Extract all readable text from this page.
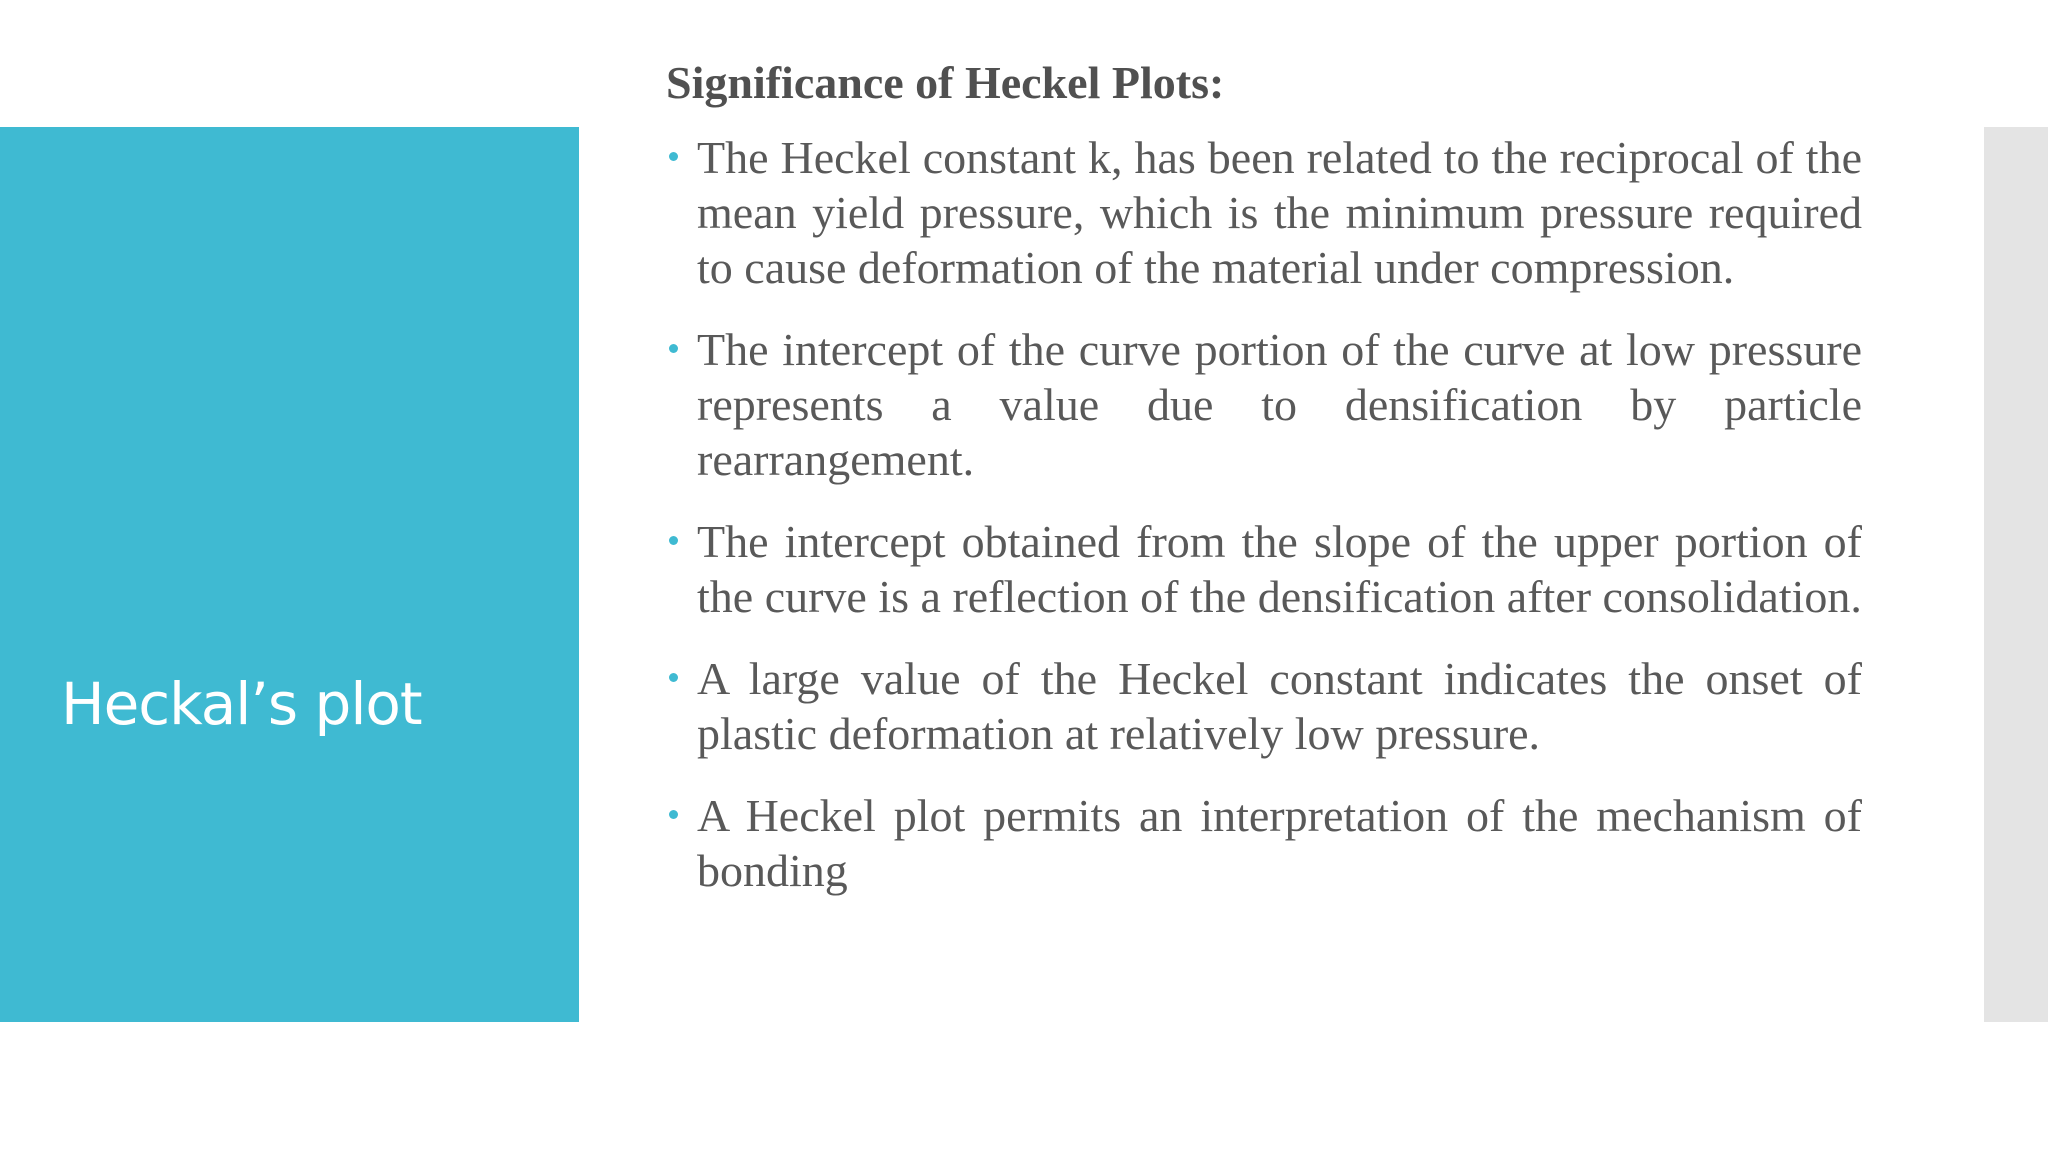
Heckal’s plot
Significance of Heckel Plots:
The Heckel constant k, has been related to the reciprocal of the mean yield pressure, which is the minimum pressure required to cause deformation of the material under compression.
The intercept of the curve portion of the curve at low pressure represents a value due to densification by particle rearrangement.
The intercept obtained from the slope of the upper portion of the curve is a reflection of the densification after consolidation.
A large value of the Heckel constant indicates the onset of plastic deformation at relatively low pressure.
A Heckel plot permits an interpretation of the mechanism of bonding
